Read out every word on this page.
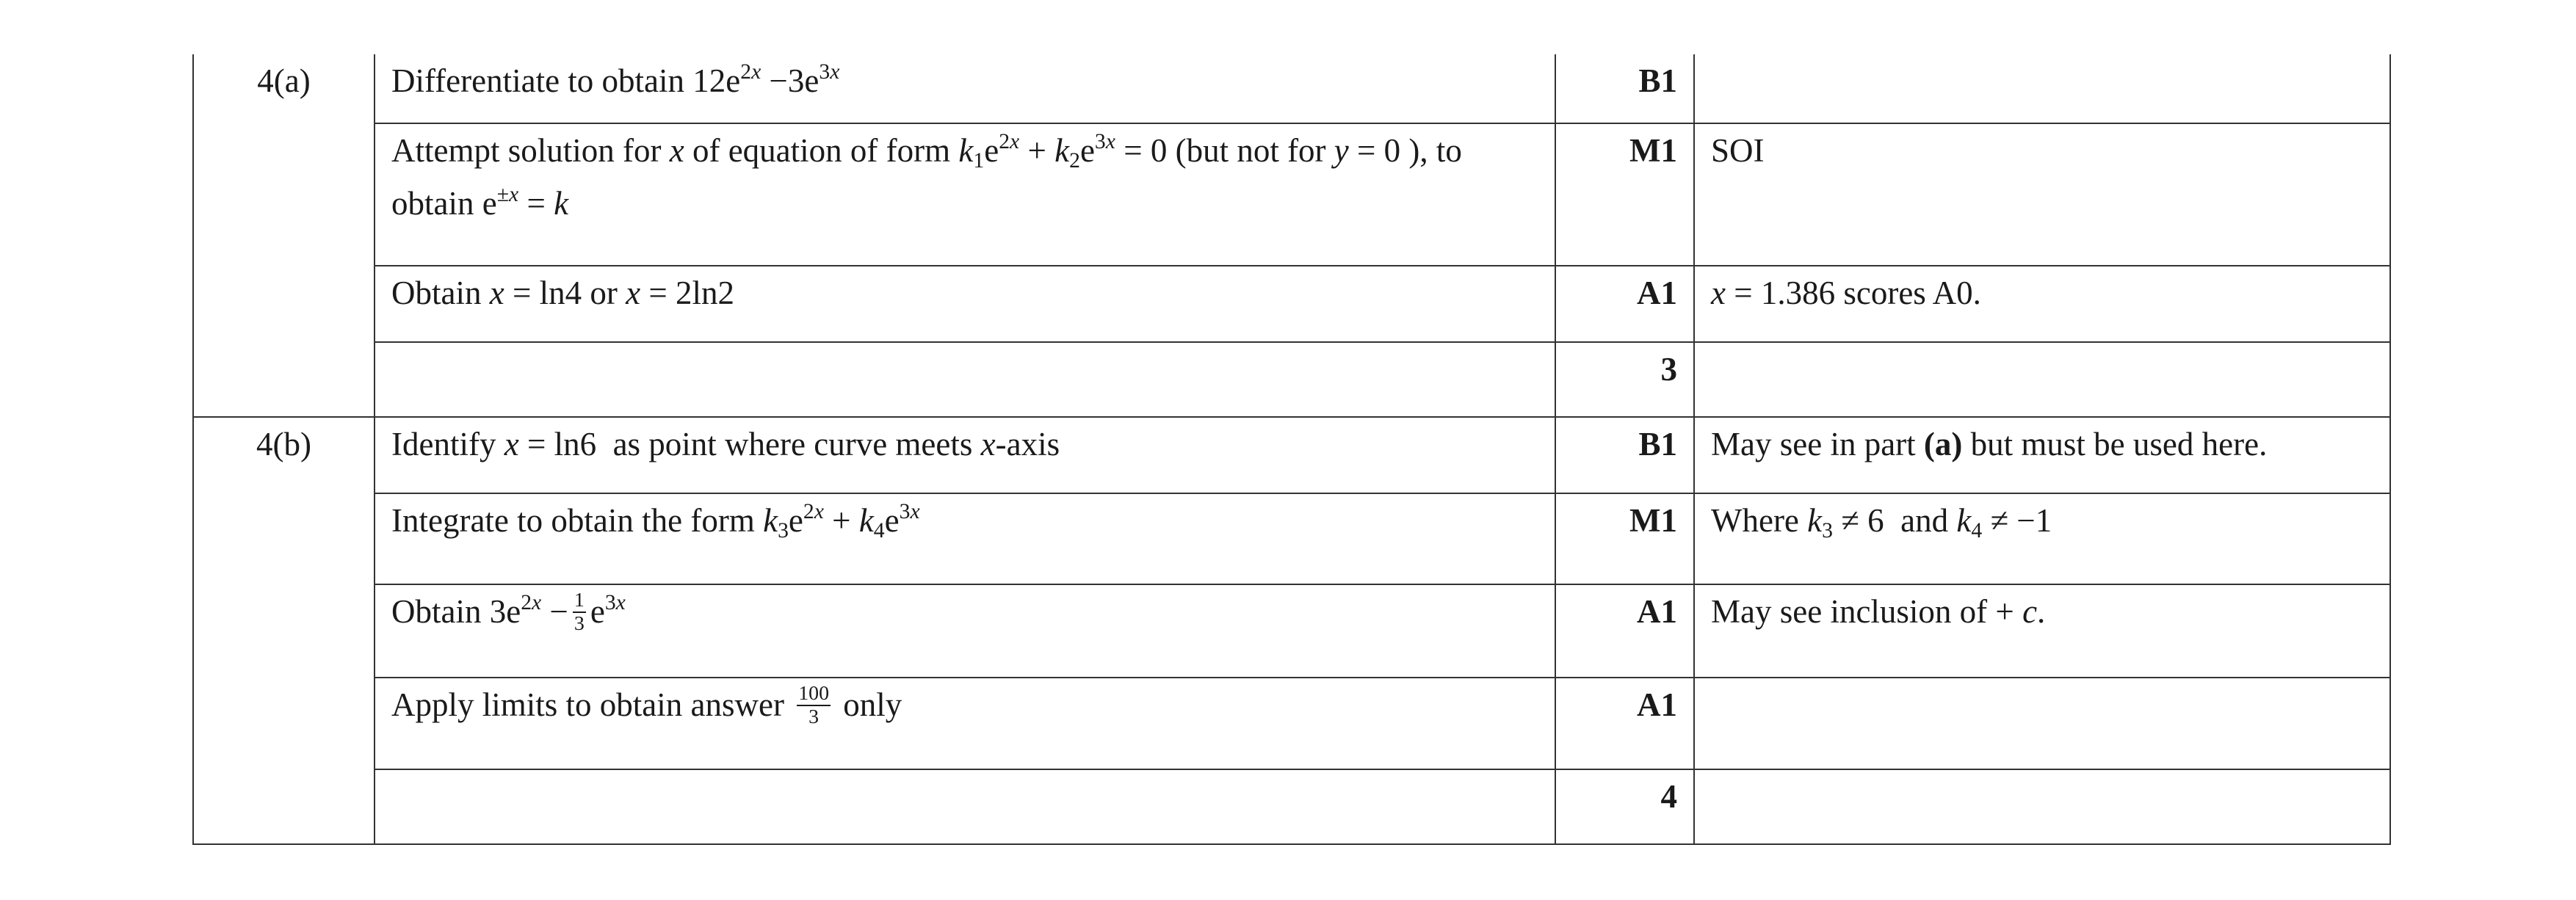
4(a)	Differentiate to obtain $12e^{2x} -3e^{3x}$	B1	
	Attempt solution for x of equation of form $k_1e^{2x} + k_2e^{3x} = 0$ (but not for y = 0 ), to obtain $e^{\pm x} = k$	M1	SOI
	Obtain x = ln4 or x = 2ln2	A1	x = 1.386 scores A0.
		3	
4(b)	Identify x = ln6  as point where curve meets x-axis	B1	May see in part (a) but must be used here.
	Integrate to obtain the form $k_3e^{2x} + k_4e^{3x}$	M1	Where $k_3 \ne 6$  and $k_4 \ne -1$
	Obtain $3e^{2x} - \frac{1}{3} e^{3x}$	A1	May see inclusion of + c.
	Apply limits to obtain answer $\frac{100}{3}$ only	A1	
		4	
